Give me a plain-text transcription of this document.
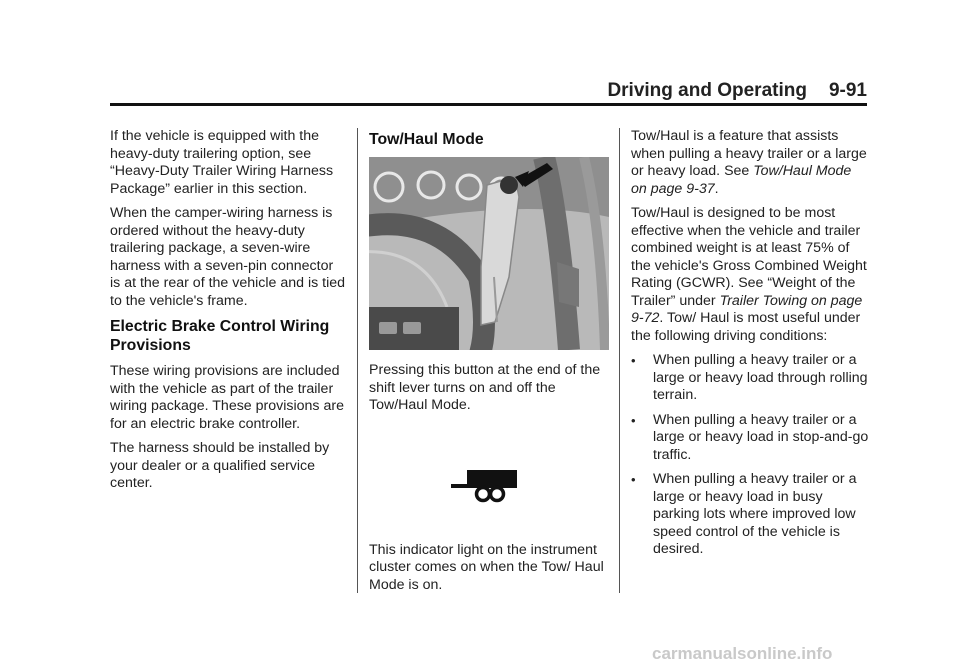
Driving and Operating 9-91

If the vehicle is equipped with the heavy-duty trailering option, see “Heavy-Duty Trailer Wiring Harness Package” earlier in this section.

When the camper-wiring harness is ordered without the heavy-duty trailering package, a seven-wire harness with a seven-pin connector is at the rear of the vehicle and is tied to the vehicle's frame.

Electric Brake Control Wiring Provisions

These wiring provisions are included with the vehicle as part of the trailer wiring package. These provisions are for an electric brake controller.

The harness should be installed by your dealer or a qualified service center.

Tow/Haul Mode

Pressing this button at the end of the shift lever turns on and off the Tow/Haul Mode.

This indicator light on the instrument cluster comes on when the Tow/ Haul Mode is on.

Tow/Haul is a feature that assists when pulling a heavy trailer or a large or heavy load. See Tow/Haul Mode on page 9-37.

Tow/Haul is designed to be most effective when the vehicle and trailer combined weight is at least 75% of the vehicle's Gross Combined Weight Rating (GCWR). See “Weight of the Trailer” under Trailer Towing on page 9-72. Tow/ Haul is most useful under the following driving conditions:

• When pulling a heavy trailer or a large or heavy load through rolling terrain.
• When pulling a heavy trailer or a large or heavy load in stop-and-go traffic.
• When pulling a heavy trailer or a large or heavy load in busy parking lots where improved low speed control of the vehicle is desired.
carmanualsonline.info
